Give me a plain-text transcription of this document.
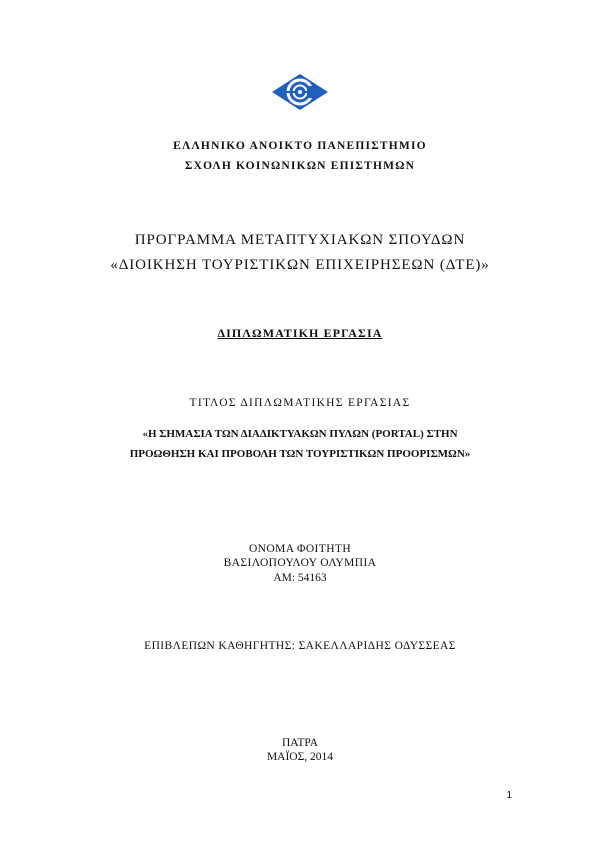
ΕΛΛΗΝΙΚΟ ΑΝΟΙΚΤΟ ΠΑΝΕΠΙΣΤΗΜΙΟ
ΣΧΟΛΗ ΚΟΙΝΩΝΙΚΩΝ ΕΠΙΣΤΗΜΩΝ
ΠΡΟΓΡΑΜΜΑ ΜΕΤΑΠΤΥΧΙΑΚΩΝ ΣΠΟΥΔΩΝ
«ΔΙΟΙΚΗΣΗ ΤΟΥΡΙΣΤΙΚΩΝ ΕΠΙΧΕΙΡΗΣΕΩΝ (ΔΤΕ)»
ΔΙΠΛΩΜΑΤΙΚΗ ΕΡΓΑΣΙΑ
ΤΙΤΛΟΣ ΔΙΠΛΩΜΑΤΙΚΗΣ ΕΡΓΑΣΙΑΣ
«Η ΣΗΜΑΣΙΑ ΤΩΝ ΔΙΑΔΙΚΤΥΑΚΩΝ ΠΥΛΩΝ (PORTAL) ΣΤΗΝ
ΠΡΟΩΘΗΣΗ ΚΑΙ ΠΡΟΒΟΛΗ ΤΩΝ ΤΟΥΡΙΣΤΙΚΩΝ ΠΡΟΟΡΙΣΜΩΝ»
ΟΝΟΜΑ ΦΟΙΤΗΤΗ
ΒΑΣΙΛΟΠΟΥΛΟΥ ΟΛΥΜΠΙΑ
ΑΜ: 54163
ΕΠΙΒΛΕΠΩΝ ΚΑΘΗΓΗΤΗΣ: ΣΑΚΕΛΛΑΡΙΔΗΣ ΟΔΥΣΣΕΑΣ
ΠΑΤΡΑ
ΜΑΪΟΣ, 2014
1
